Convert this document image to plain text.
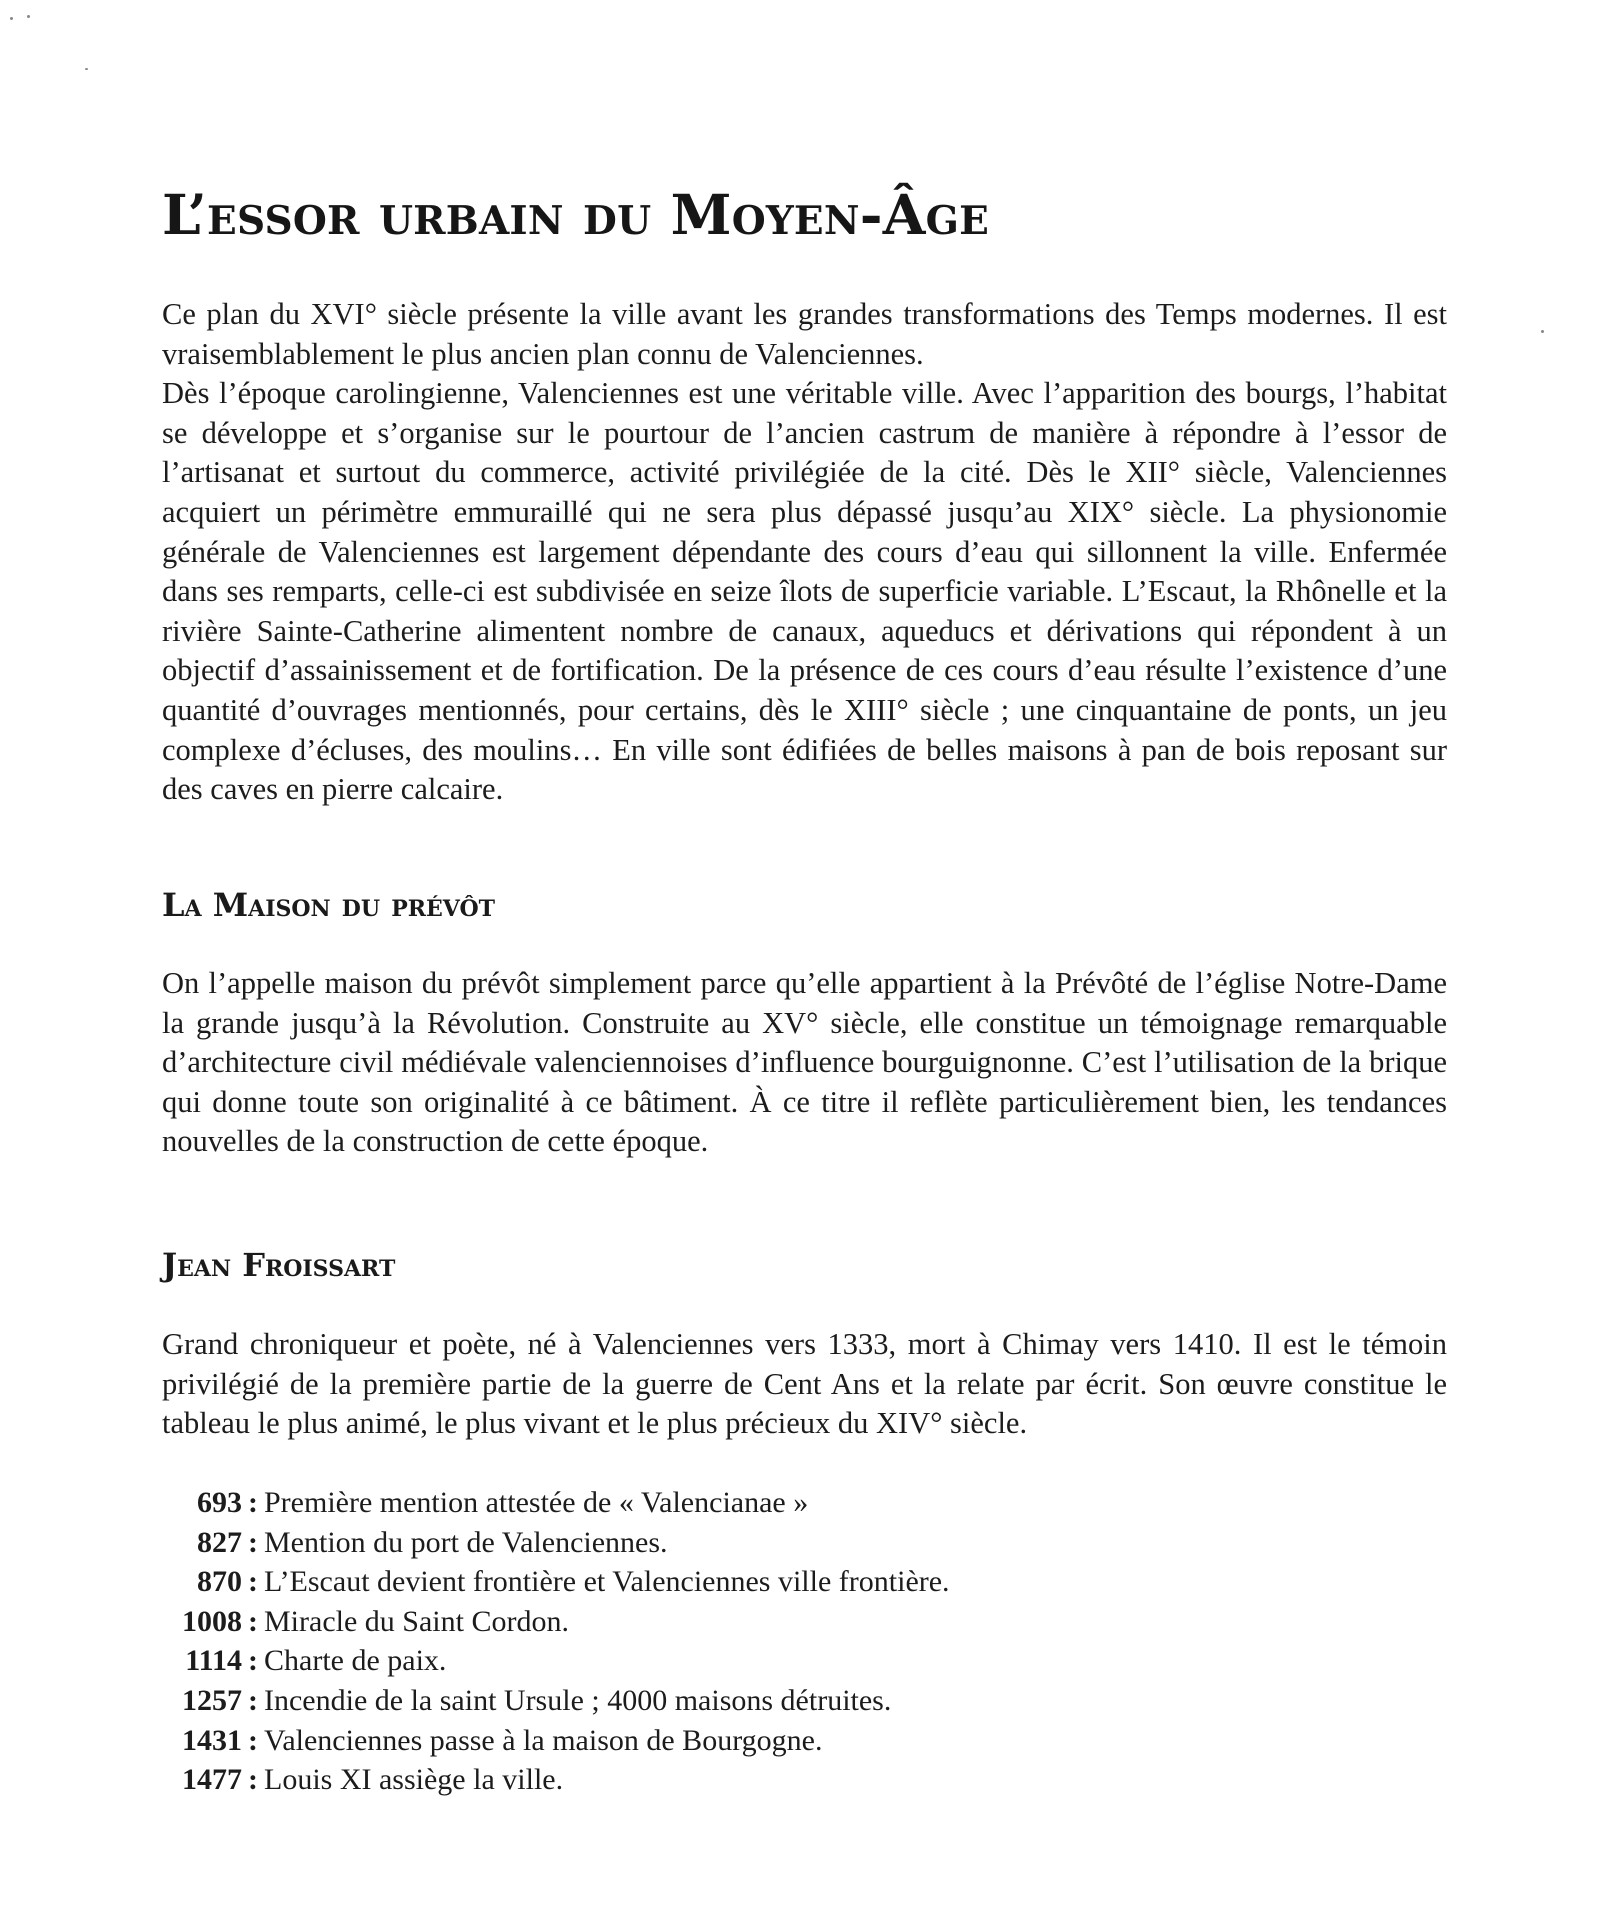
L’essor urbain du Moyen-Âge

Ce plan du XVI° siècle présente la ville avant les grandes transformations des Temps modernes. Il est vraisemblablement le plus ancien plan connu de Valenciennes.

Dès l’époque carolingienne, Valenciennes est une véritable ville. Avec l’apparition des bourgs, l’habitat se développe et s’organise sur le pourtour de l’ancien castrum de manière à répondre à l’essor de l’artisanat et surtout du commerce, activité privilégiée de la cité. Dès le XII° siècle, Valenciennes acquiert un périmètre emmuraillé qui ne sera plus dépassé jusqu’au XIX° siècle. La physionomie générale de Valenciennes est largement dépendante des cours d’eau qui sillonnent la ville. Enfermée dans ses remparts, celle-ci est subdivisée en seize îlots de superficie variable. L’Escaut, la Rhônelle et la rivière Sainte-Catherine alimentent nombre de canaux, aqueducs et dérivations qui répondent à un objectif d’assainissement et de fortification. De la présence de ces cours d’eau résulte l’existence d’une quantité d’ouvrages mentionnés, pour certains, dès le XIII° siècle ; une cinquantaine de ponts, un jeu complexe d’écluses, des moulins… En ville sont édifiées de belles maisons à pan de bois reposant sur des caves en pierre calcaire.

La Maison du prévôt

On l’appelle maison du prévôt simplement parce qu’elle appartient à la Prévôté de l’église Notre-Dame la grande jusqu’à la Révolution. Construite au XV° siècle, elle constitue un témoignage remarquable d’architecture civil médiévale valenciennoises d’influence bourguignonne. C’est l’utilisation de la brique qui donne toute son originalité à ce bâtiment. À ce titre il reflète particulièrement bien, les tendances nouvelles de la construction de cette époque.

Jean Froissart

Grand chroniqueur et poète, né à Valenciennes vers 1333, mort à Chimay vers 1410. Il est le témoin privilégié de la première partie de la guerre de Cent Ans et la relate par écrit. Son œuvre constitue le tableau le plus animé, le plus vivant et le plus précieux du XIV° siècle.

693 : Première mention attestée de « Valencianae »
827 : Mention du port de Valenciennes.
870 : L’Escaut devient frontière et Valenciennes ville frontière.
1008 : Miracle du Saint Cordon.
1114 : Charte de paix.
1257 : Incendie de la saint Ursule ; 4000 maisons détruites.
1431 : Valenciennes passe à la maison de Bourgogne.
1477 : Louis XI assiège la ville.
